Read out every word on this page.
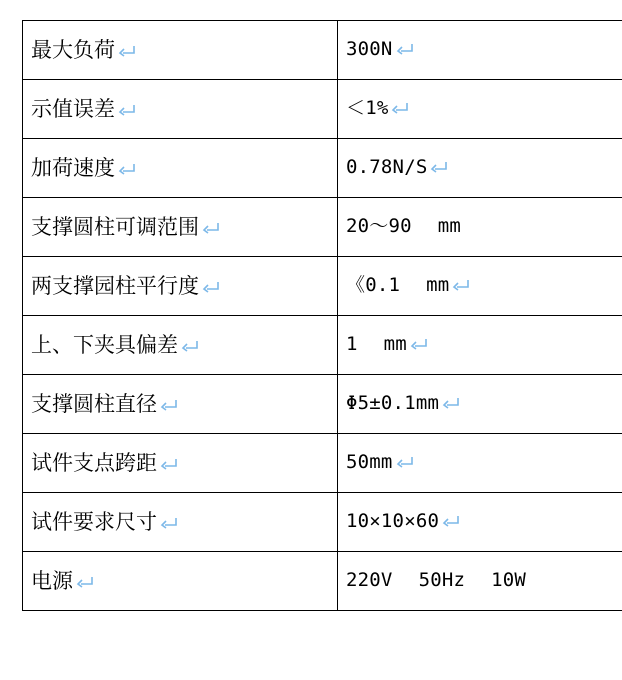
最大负荷	300N

示值误差	＜1%

加荷速度	0.78N/S

支撑圆柱可调范围	20～90 mm

两支撑园柱平行度	《0.1 mm

上、下夹具偏差	1 mm

支撑圆柱直径	Φ5±0.1mm

试件支点跨距	50mm

试件要求尺寸	10×10×60

电源	220V 50Hz 10W
